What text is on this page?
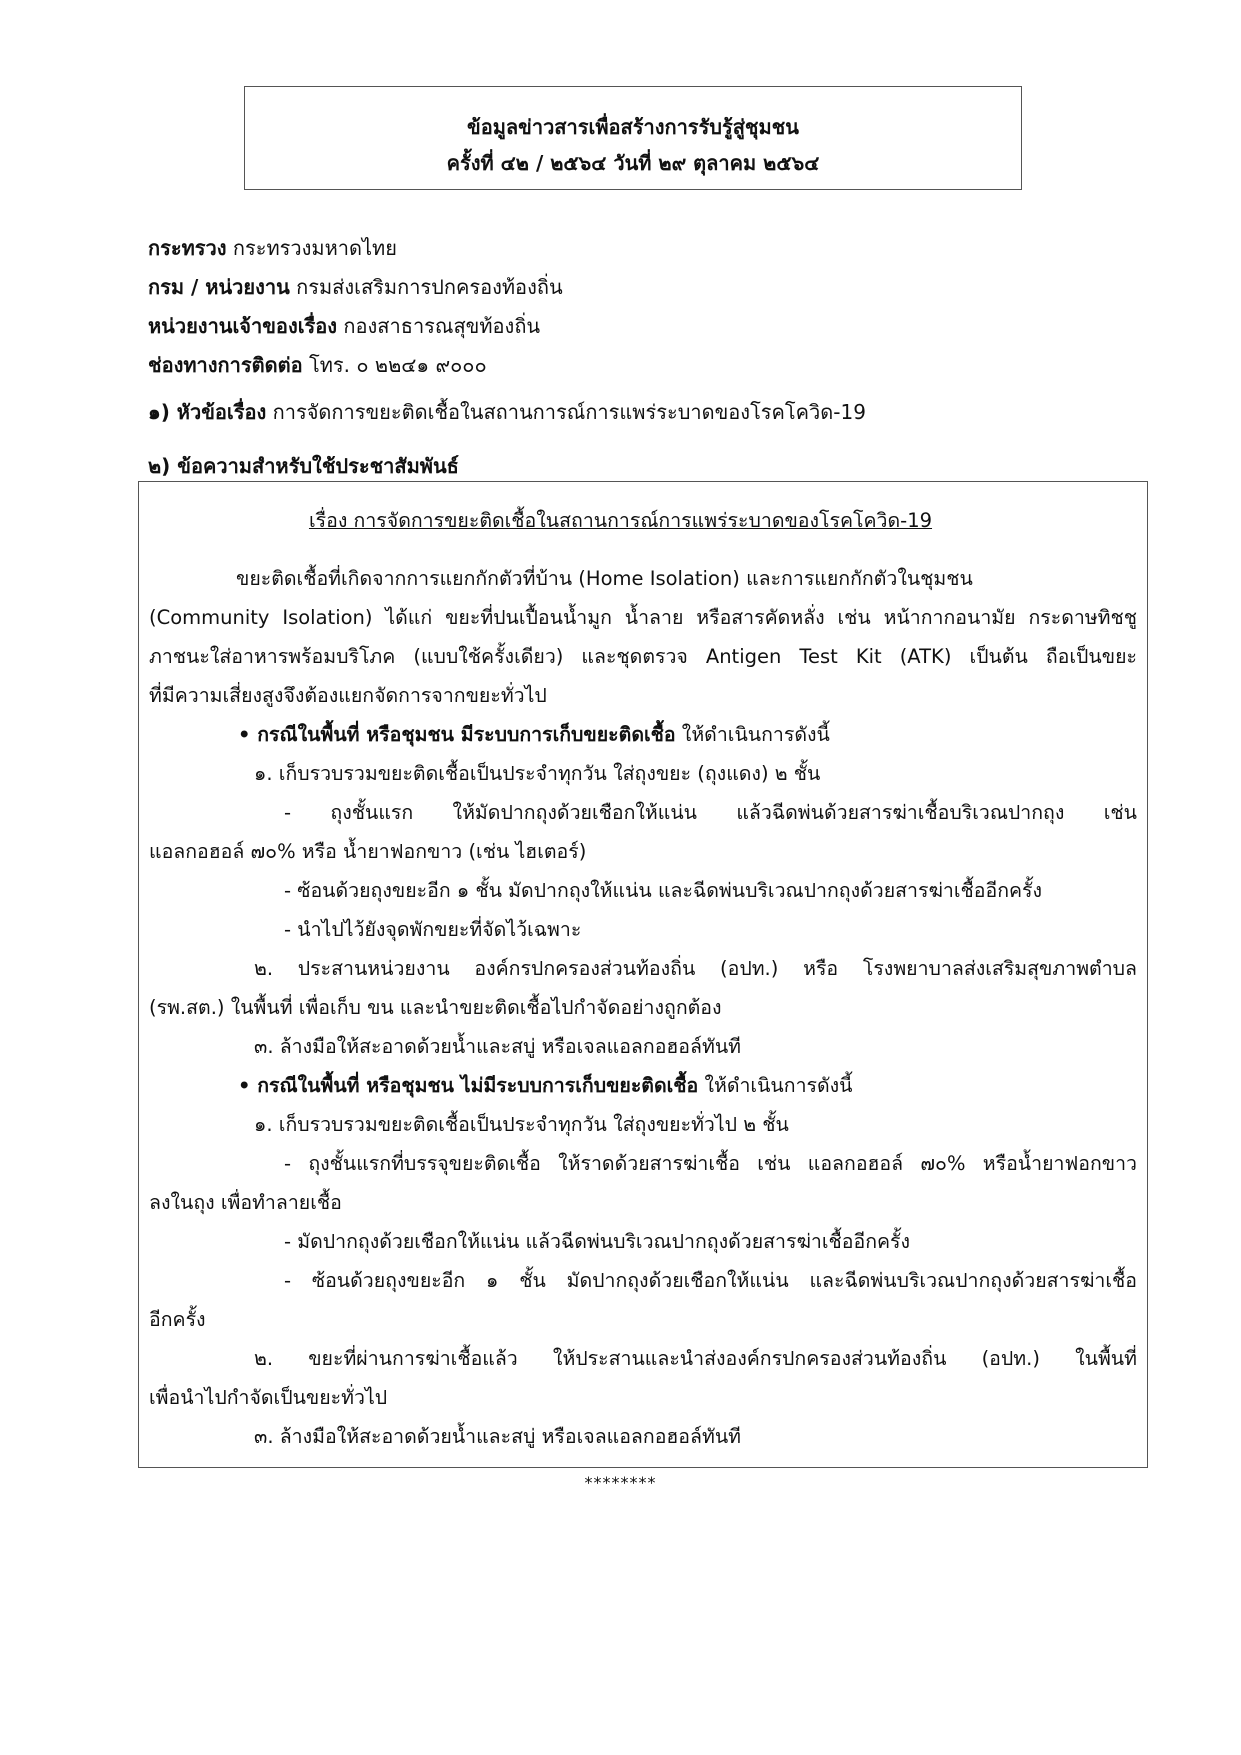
ข้อมูลข่าวสารเพื่อสร้างการรับรู้สู่ชุมชน
ครั้งที่ ๔๒ / ๒๕๖๔ วันที่ ๒๙ ตุลาคม ๒๕๖๔
กระทรวง กระทรวงมหาดไทย
กรม / หน่วยงาน กรมส่งเสริมการปกครองท้องถิ่น
หน่วยงานเจ้าของเรื่อง กองสาธารณสุขท้องถิ่น
ช่องทางการติดต่อ โทร. ๐ ๒๒๔๑ ๙๐๐๐
๑) หัวข้อเรื่อง การจัดการขยะติดเชื้อในสถานการณ์การแพร่ระบาดของโรคโควิด-19
๒) ข้อความสำหรับใช้ประชาสัมพันธ์
เรื่อง การจัดการขยะติดเชื้อในสถานการณ์การแพร่ระบาดของโรคโควิด-19
ขยะติดเชื้อที่เกิดจากการแยกกักตัวที่บ้าน (Home Isolation) และการแยกกักตัวในชุมชน
(Community Isolation) ได้แก่ ขยะที่ปนเปื้อนน้ำมูก น้ำลาย หรือสารคัดหลั่ง เช่น หน้ากากอนามัย กระดาษทิชชู
ภาชนะใส่อาหารพร้อมบริโภค (แบบใช้ครั้งเดียว) และชุดตรวจ Antigen Test Kit (ATK) เป็นต้น ถือเป็นขยะ
ที่มีความเสี่ยงสูงจึงต้องแยกจัดการจากขยะทั่วไป
• กรณีในพื้นที่ หรือชุมชน มีระบบการเก็บขยะติดเชื้อ ให้ดำเนินการดังนี้
๑. เก็บรวบรวมขยะติดเชื้อเป็นประจำทุกวัน ใส่ถุงขยะ (ถุงแดง) ๒ ชั้น
- ถุงชั้นแรก ให้มัดปากถุงด้วยเชือกให้แน่น แล้วฉีดพ่นด้วยสารฆ่าเชื้อบริเวณปากถุง เช่น
แอลกอฮอล์ ๗๐% หรือ น้ำยาฟอกขาว (เช่น ไฮเตอร์)
- ซ้อนด้วยถุงขยะอีก ๑ ชั้น มัดปากถุงให้แน่น และฉีดพ่นบริเวณปากถุงด้วยสารฆ่าเชื้ออีกครั้ง
- นำไปไว้ยังจุดพักขยะที่จัดไว้เฉพาะ
๒. ประสานหน่วยงาน องค์กรปกครองส่วนท้องถิ่น (อปท.) หรือ โรงพยาบาลส่งเสริมสุขภาพตำบล
(รพ.สต.) ในพื้นที่ เพื่อเก็บ ขน และนำขยะติดเชื้อไปกำจัดอย่างถูกต้อง
๓. ล้างมือให้สะอาดด้วยน้ำและสบู่ หรือเจลแอลกอฮอล์ทันที
• กรณีในพื้นที่ หรือชุมชน ไม่มีระบบการเก็บขยะติดเชื้อ ให้ดำเนินการดังนี้
๑. เก็บรวบรวมขยะติดเชื้อเป็นประจำทุกวัน ใส่ถุงขยะทั่วไป ๒ ชั้น
- ถุงชั้นแรกที่บรรจุขยะติดเชื้อ ให้ราดด้วยสารฆ่าเชื้อ เช่น แอลกอฮอล์ ๗๐% หรือน้ำยาฟอกขาว
ลงในถุง เพื่อทำลายเชื้อ
- มัดปากถุงด้วยเชือกให้แน่น แล้วฉีดพ่นบริเวณปากถุงด้วยสารฆ่าเชื้ออีกครั้ง
- ซ้อนด้วยถุงขยะอีก ๑ ชั้น มัดปากถุงด้วยเชือกให้แน่น และฉีดพ่นบริเวณปากถุงด้วยสารฆ่าเชื้อ
อีกครั้ง
๒. ขยะที่ผ่านการฆ่าเชื้อแล้ว ให้ประสานและนำส่งองค์กรปกครองส่วนท้องถิ่น (อปท.) ในพื้นที่
เพื่อนำไปกำจัดเป็นขยะทั่วไป
๓. ล้างมือให้สะอาดด้วยน้ำและสบู่ หรือเจลแอลกอฮอล์ทันที
********
